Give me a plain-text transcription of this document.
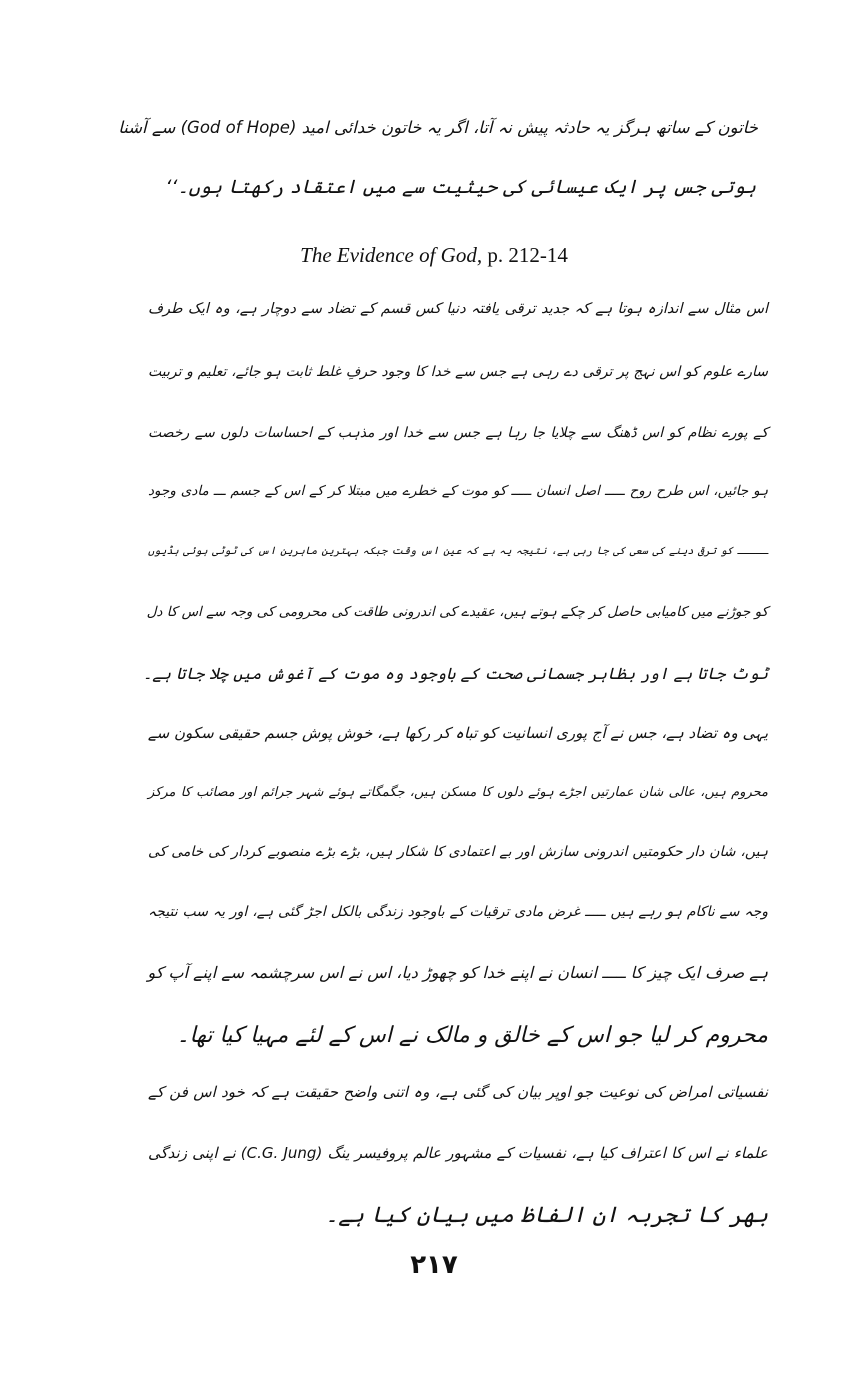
خاتون کے ساتھ ہرگز یہ حادثہ پیش نہ آتا، اگر یہ خاتون خدائی امید (God of Hope) سے آشنا
ہوتی جس پر ایک عیسائی کی حیثیت سے میں اعتقاد رکھتا ہوں۔‘‘
The Evidence of God, p. 212-14
اس مثال سے اندازہ ہوتا ہے کہ جدید ترقی یافتہ دنیا کس قسم کے تضاد سے دوچار ہے، وہ ایک طرف
سارے علوم کو اس نہج پر ترقی دے رہی ہے جس سے خدا کا وجود حرفِ غلط ثابت ہو جائے، تعلیم و تربیت
کے پورے نظام کو اس ڈھنگ سے چلایا جا رہا ہے جس سے خدا اور مذہب کے احساسات دلوں سے رخصت
ہو جائیں، اس طرح روح ـــــ اصل انسان ـــــ کو موت کے خطرے میں مبتلا کر کے اس کے جسم ـــ مادی وجود
ـــــ کو ترقی دینے کی سعی کی جا رہی ہے، نتیجہ یہ ہے کہ عین اس وقت جبکہ بہترین ماہرین اس کی ٹوٹی ہوئی ہڈیوں
کو جوڑنے میں کامیابی حاصل کر چکے ہوتے ہیں، عقیدے کی اندرونی طاقت کی محرومی کی وجہ سے اس کا دل
ٹوٹ جاتا ہے اور بظاہر جسمانی صحت کے باوجود وہ موت کے آغوش میں چلا جاتا ہے۔
یہی وہ تضاد ہے، جس نے آج پوری انسانیت کو تباہ کر رکھا ہے، خوش پوش جسم حقیقی سکون سے
محروم ہیں، عالی شان عمارتیں اجڑے ہوئے دلوں کا مسکن ہیں، جگمگاتے ہوئے شہر جرائم اور مصائب کا مرکز
ہیں، شان دار حکومتیں اندرونی سازش اور بے اعتمادی کا شکار ہیں، بڑے بڑے منصوبے کردار کی خامی کی
وجہ سے ناکام ہو رہے ہیں ـــــ غرض مادی ترقیات کے باوجود زندگی بالکل اجڑ گئی ہے، اور یہ سب نتیجہ
ہے صرف ایک چیز کا ـــــ انسان نے اپنے خدا کو چھوڑ دیا، اس نے اس سرچشمہ سے اپنے آپ کو
محروم کر لیا جو اس کے خالق و مالک نے اس کے لئے مہیا کیا تھا۔
نفسیاتی امراض کی نوعیت جو اوپر بیان کی گئی ہے، وہ اتنی واضح حقیقت ہے کہ خود اس فن کے
علماء نے اس کا اعتراف کیا ہے، نفسیات کے مشہور عالم پروفیسر ینگ (C.G. Jung) نے اپنی زندگی
بھر کا تجربہ ان الفاظ میں بیان کیا ہے۔
۲۱۷
